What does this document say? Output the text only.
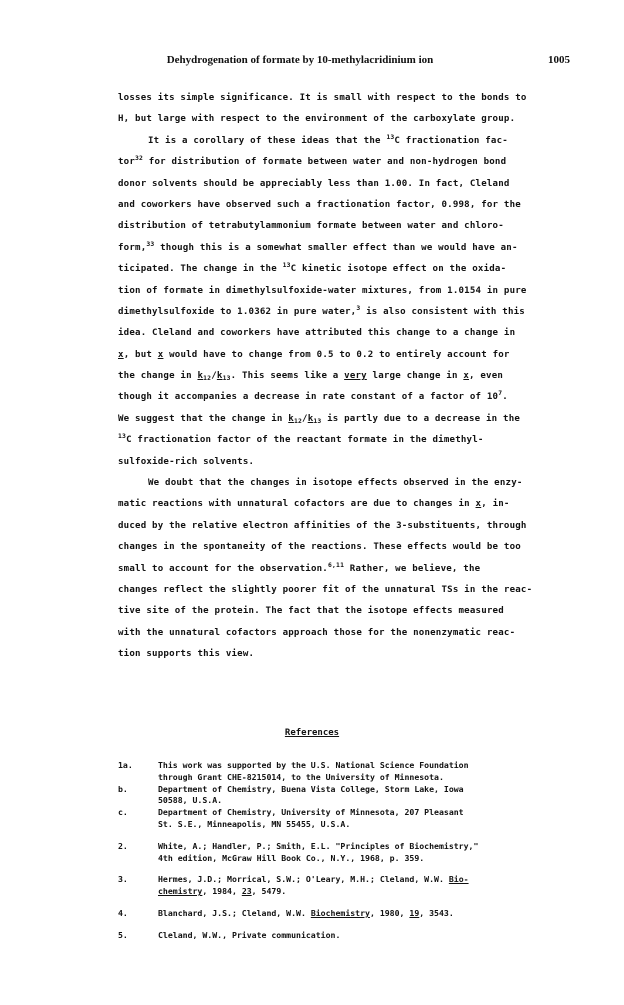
Dehydrogenation of formate by 10-methylacridinium ion	1005
losses its simple significance. It is small with respect to the bonds to
H, but large with respect to the environment of the carboxylate group.
It is a corollary of these ideas that the $^{13}$C fractionation fac-
tor$^{32}$ for distribution of formate between water and non-hydrogen bond
donor solvents should be appreciably less than 1.00. In fact, Cleland
and coworkers have observed such a fractionation factor, 0.998, for the
distribution of tetrabutylammonium formate between water and chloro-
form,$^{33}$ though this is a somewhat smaller effect than we would have an-
ticipated. The change in the $^{13}$C kinetic isotope effect on the oxida-
tion of formate in dimethylsulfoxide-water mixtures, from 1.0154 in pure
dimethylsulfoxide to 1.0362 in pure water,$^3$ is also consistent with this
idea. Cleland and coworkers have attributed this change to a change in
x, but x would have to change from 0.5 to 0.2 to entirely account for
the change in $k_{12}/k_{13}$. This seems like a very large change in x, even
though it accompanies a decrease in rate constant of a factor of $10^7$.
We suggest that the change in $k_{12}/k_{13}$ is partly due to a decrease in the
$^{13}$C fractionation factor of the reactant formate in the dimethyl-
sulfoxide-rich solvents.
We doubt that the changes in isotope effects observed in the enzy-
matic reactions with unnatural cofactors are due to changes in x, in-
duced by the relative electron affinities of the 3-substituents, through
changes in the spontaneity of the reactions. These effects would be too
small to account for the observation.$^{6,11}$ Rather, we believe, the
changes reflect the slightly poorer fit of the unnatural TSs in the reac-
tive site of the protein. The fact that the isotope effects measured
with the unnatural cofactors approach those for the nonenzymatic reac-
tion supports this view.
References
1a.	This work was supported by the U.S. National Science Foundation
through Grant CHE-8215014, to the University of Minnesota.
b.	Department of Chemistry, Buena Vista College, Storm Lake, Iowa
50588, U.S.A.
c.	Department of Chemistry, University of Minnesota, 207 Pleasant
St. S.E., Minneapolis, MN 55455, U.S.A.
2.	White, A.; Handler, P.; Smith, E.L. "Principles of Biochemistry,"
4th edition, McGraw Hill Book Co., N.Y., 1968, p. 359.
3.	Hermes, J.D.; Morrical, S.W.; O'Leary, M.H.; Cleland, W.W. Bio-
chemistry, 1984, 23, 5479.
4.	Blanchard, J.S.; Cleland, W.W. Biochemistry, 1980, 19, 3543.
5.	Cleland, W.W., Private communication.
